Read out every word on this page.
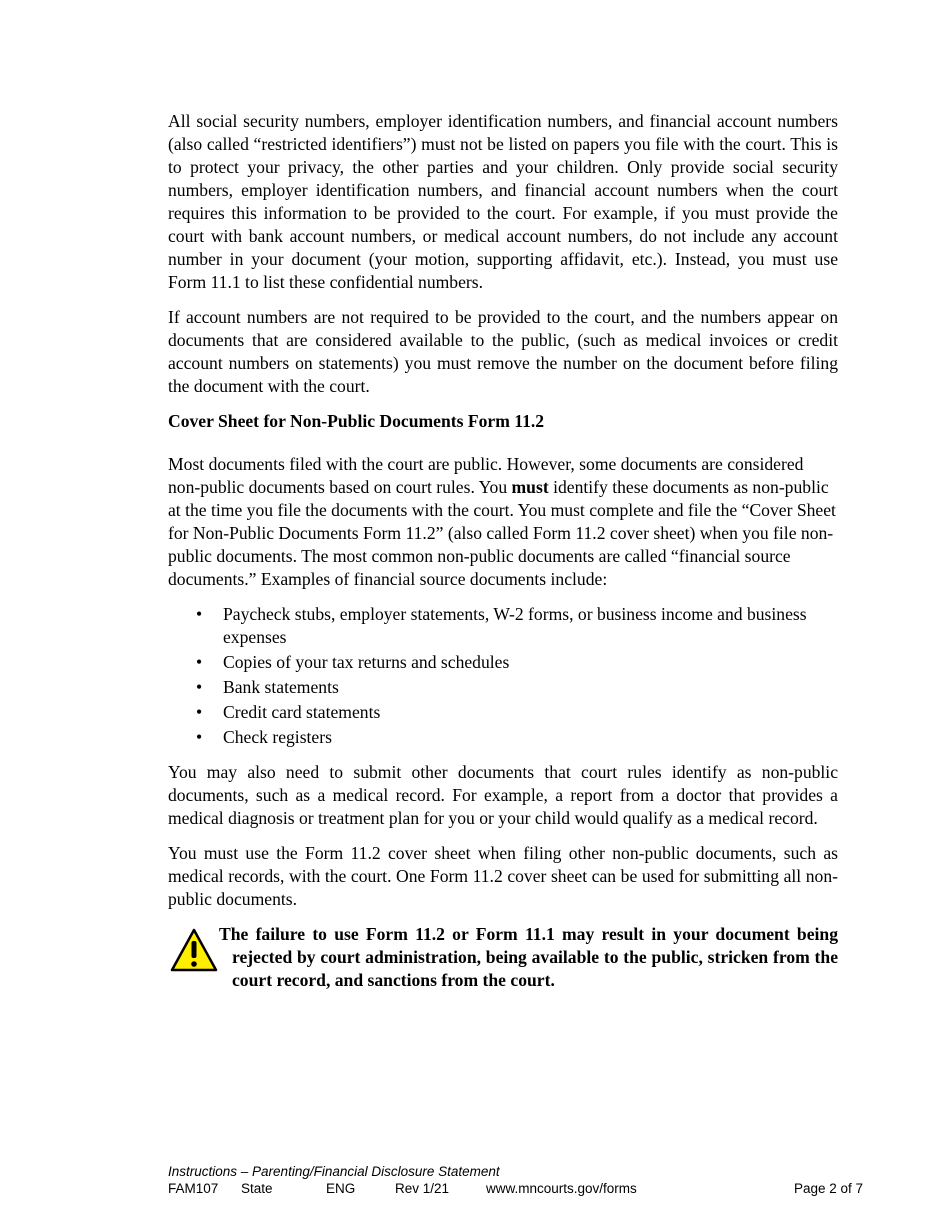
All social security numbers, employer identification numbers, and financial account numbers (also called “restricted identifiers”) must not be listed on papers you file with the court. This is to protect your privacy, the other parties and your children. Only provide social security numbers, employer identification numbers, and financial account numbers when the court requires this information to be provided to the court. For example, if you must provide the court with bank account numbers, or medical account numbers, do not include any account number in your document (your motion, supporting affidavit, etc.). Instead, you must use Form 11.1 to list these confidential numbers.

If account numbers are not required to be provided to the court, and the numbers appear on documents that are considered available to the public, (such as medical invoices or credit account numbers on statements) you must remove the number on the document before filing the document with the court.

Cover Sheet for Non-Public Documents Form 11.2

Most documents filed with the court are public. However, some documents are considered non-public documents based on court rules. You must identify these documents as non-public at the time you file the documents with the court. You must complete and file the “Cover Sheet for Non-Public Documents Form 11.2” (also called Form 11.2 cover sheet) when you file non-public documents. The most common non-public documents are called “financial source documents.” Examples of financial source documents include:

• Paycheck stubs, employer statements, W-2 forms, or business income and business expenses
• Copies of your tax returns and schedules
• Bank statements
• Credit card statements
• Check registers

You may also need to submit other documents that court rules identify as non-public documents, such as a medical record. For example, a report from a doctor that provides a medical diagnosis or treatment plan for you or your child would qualify as a medical record.

You must use the Form 11.2 cover sheet when filing other non-public documents, such as medical records, with the court. One Form 11.2 cover sheet can be used for submitting all non-public documents.

The failure to use Form 11.2 or Form 11.1 may result in your document being rejected by court administration, being available to the public, stricken from the court record, and sanctions from the court.
Instructions – Parenting/Financial Disclosure Statement
FAM107 State	ENG	Rev 1/21	www.mncourts.gov/forms	Page 2 of 7
